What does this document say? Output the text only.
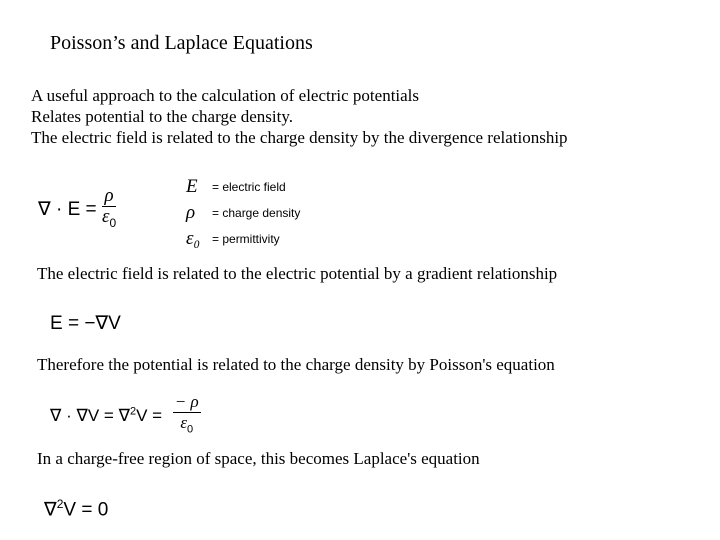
Poisson’s and Laplace Equations
A useful approach to the calculation of electric potentials
Relates potential to the charge density.
The electric field is related to the charge density by the divergence relationship
∇ · $E = \frac{\rho}{\varepsilon_0}$	E	= electric field
ρ	= charge density
ε₀ = permittivity
The electric field is related to the electric potential by a gradient relationship
E = −∇V
Therefore the potential is related to the charge density by Poisson's equation
∇ · $\nabla V = \nabla^2V = \frac{- \rho}{\varepsilon_0}$
In a charge-free region of space, this becomes Laplace's equation
∇$^2$V = 0
